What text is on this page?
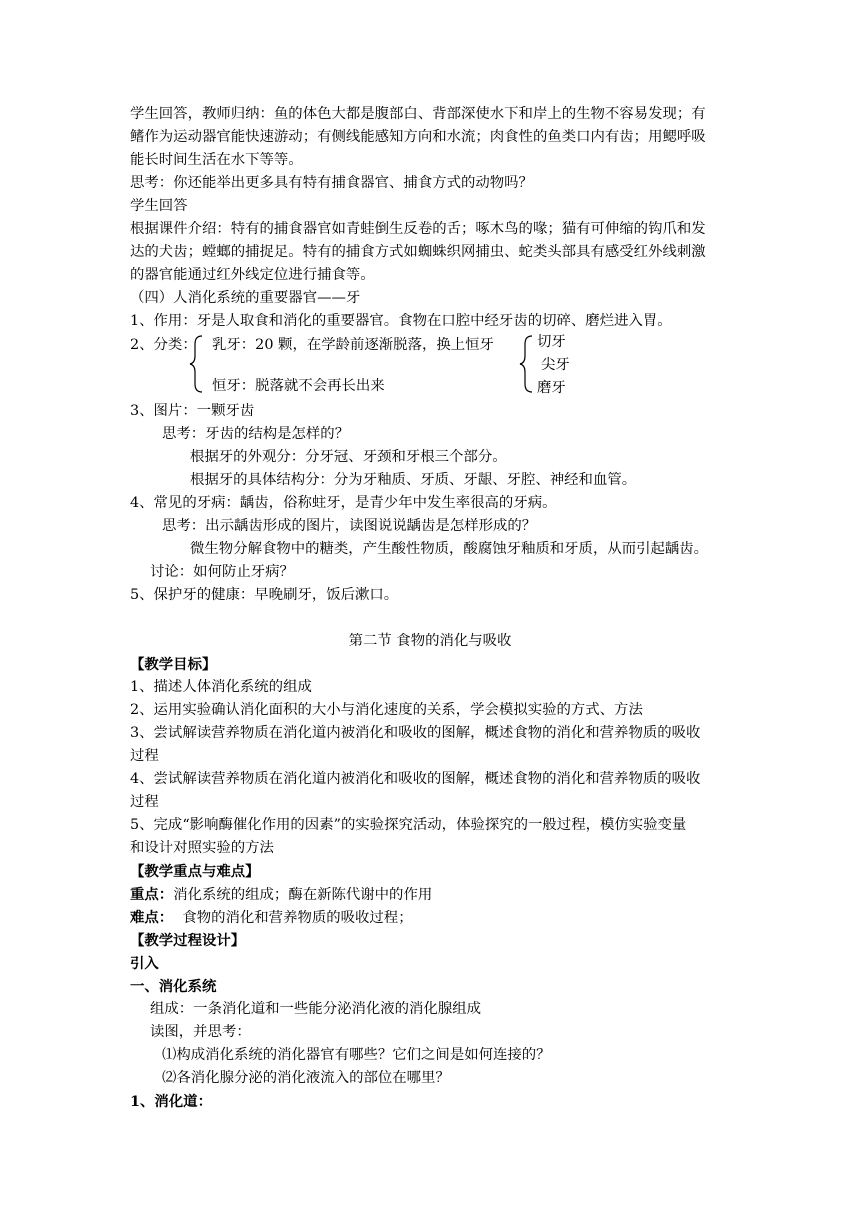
学生回答，教师归纳：鱼的体色大都是腹部白、背部深使水下和岸上的生物不容易发现；有
鳍作为运动器官能快速游动；有侧线能感知方向和水流；肉食性的鱼类口内有齿；用鳃呼吸
能长时间生活在水下等等。
思考：你还能举出更多具有特有捕食器官、捕食方式的动物吗？
学生回答
根据课件介绍：特有的捕食器官如青蛙倒生反卷的舌；啄木鸟的喙；猫有可伸缩的钩爪和发
达的犬齿；螳螂的捕捉足。特有的捕食方式如蜘蛛织网捕虫、蛇类头部具有感受红外线刺激
的器官能通过红外线定位进行捕食等。
（四）人消化系统的重要器官——牙
1、作用：牙是人取食和消化的重要器官。食物在口腔中经牙齿的切碎、磨烂进入胃。
2、分类： 乳牙：20 颗，在学龄前逐渐脱落，换上恒牙
恒牙：脱落就不会再长出来
切牙
尖牙
磨牙
3、图片：一颗牙齿
思考：牙齿的结构是怎样的？
根据牙的外观分：分牙冠、牙颈和牙根三个部分。
根据牙的具体结构分：分为牙釉质、牙质、牙龈、牙腔、神经和血管。
4、常见的牙病：龋齿，俗称蛀牙，是青少年中发生率很高的牙病。
思考：出示龋齿形成的图片，读图说说龋齿是怎样形成的？
微生物分解食物中的糖类，产生酸性物质，酸腐蚀牙釉质和牙质，从而引起龋齿。
讨论：如何防止牙病？
5、保护牙的健康：早晚刷牙，饭后漱口。
第二节 食物的消化与吸收
【教学目标】
1、描述人体消化系统的组成
2、运用实验确认消化面积的大小与消化速度的关系，学会模拟实验的方式、方法
3、尝试解读营养物质在消化道内被消化和吸收的图解，概述食物的消化和营养物质的吸收
过程
4、尝试解读营养物质在消化道内被消化和吸收的图解，概述食物的消化和营养物质的吸收
过程
5、完成“影响酶催化作用的因素”的实验探究活动，体验探究的一般过程，模仿实验变量
和设计对照实验的方法
【教学重点与难点】
重点：消化系统的组成；酶在新陈代谢中的作用
难点：  食物的消化和营养物质的吸收过程；
【教学过程设计】
引入
一、消化系统
组成：一条消化道和一些能分泌消化液的消化腺组成
读图，并思考：
⑴构成消化系统的消化器官有哪些？它们之间是如何连接的？
⑵各消化腺分泌的消化液流入的部位在哪里？
1、消化道：
